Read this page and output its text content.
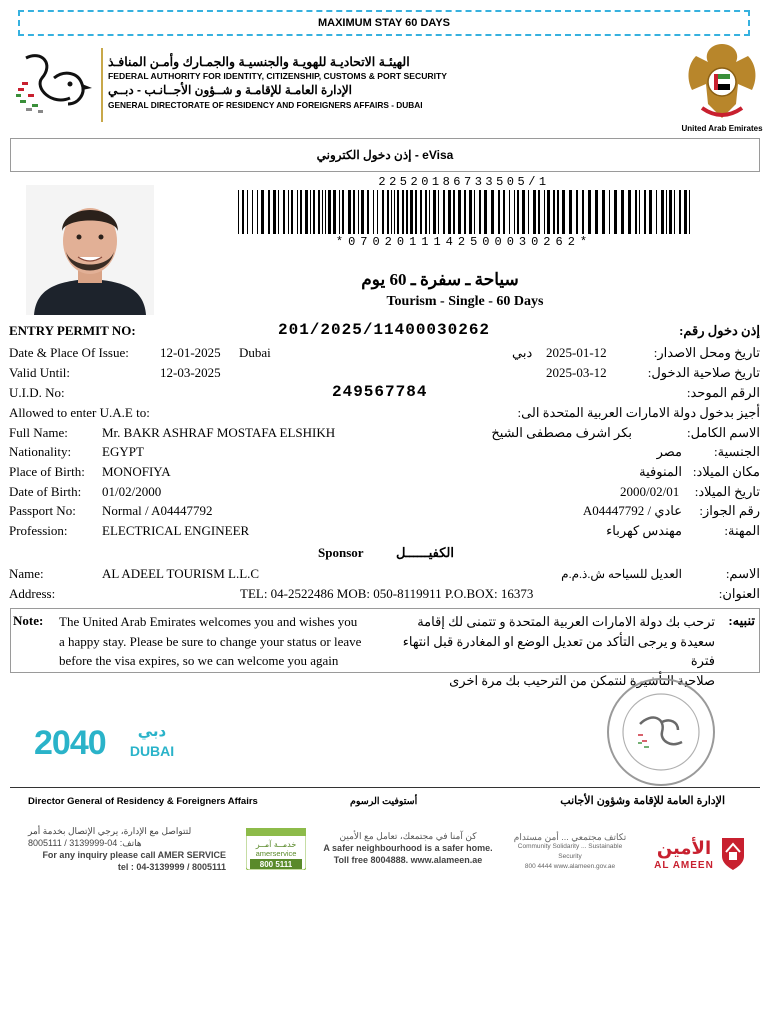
MAXIMUM STAY 60 DAYS
الهيئـة الاتحاديـة للهويـة والجنسيـة والجمـارك وأمـن المنافـذ
FEDERAL AUTHORITY FOR IDENTITY, CITIZENSHIP, CUSTOMS & PORT SECURITY
الإدارة العامـة للإقامـة و شــؤون الأجــانـب - دبــي
GENERAL DIRECTORATE OF RESIDENCY AND FOREIGNERS AFFAIRS - DUBAI
United Arab Emirates
إذن دخول الكتروني - eVisa
22520186733505/1
*0702011142500030262*
سياحة ـ سفرة ـ 60 يوم
Tourism - Single - 60 Days
ENTRY PERMIT NO:	201/2025/11400030262	إذن دخول رقم:
Date & Place Of Issue: 12-01-2025 Dubai	دبي 2025-01-12	تاريخ ومحل الاصدار:
Valid Until:	12-03-2025	2025-03-12	تاريخ صلاحية الدخول:
U.I.D. No:	249567784	الرقم الموحد:
Allowed to enter U.A.E to:	أجيز بدخول دولة الامارات العربية المتحدة الى:
Full Name:	Mr. BAKR ASHRAF MOSTAFA ELSHIKH	بكر اشرف مصطفى الشيخ	الاسم الكامل:
Nationality: EGYPT	مصر الجنسية:
Place of Birth: MONOFIYA	المنوفية مكان الميلاد:
Date of Birth: 01/02/2000	2000/02/01 تاريخ الميلاد:
Passport No: Normal / A04447792	عادي / A04447792 رقم الجواز:
Profession:	ELECTRICAL ENGINEER	مهندس كهرباء	المهنة:
Sponsor الكفيــــــل
Name:	AL ADEEL TOURISM L.L.C	العديل للسياحه ش.ذ.م.م	الاسم:
Address:	TEL: 04-2522486 MOB: 050-8119911 P.O.BOX: 16373	العنوان:
Note: The United Arab Emirates welcomes you and wishes you
a happy stay. Please be sure to change your status or leave
before the visa expires, so we can welcome you again
تنبيه:
ترحب بك دولة الامارات العربية المتحدة و تتمنى لك إقامة
سعيدة و يرجى التأكد من تعديل الوضع او المغادرة قبل انتهاء فترة
صلاحية التأشيرة لنتمكن من الترحيب بك مرة اخرى
2040 دبي
DUBAI
Director General of Residency & Foreigners Affairs	أستوفيت الرسوم	الإدارة العامة للإقامة وشؤون الأجانب
لتتواصل مع الإدارة، يرجي الإتصال بخدمة أمر
هاتف: 04-3139999 / 8005111
For any inquiry please call AMER SERVICE
tel : 04-3139999 / 8005111
خدمــة آمــر
amerservice
800 5111
كن آمنا في مجتمعك، تعامل مع الأمين
A safer neighbourhood is a safer home.
Toll free 8004888. www.alameen.ae
تكاتف مجتمعي ... أمن مستدام
Community Solidarity ... Sustainable Security
800 4444 www.alameen.gov.ae
الأمين
AL AMEEN
